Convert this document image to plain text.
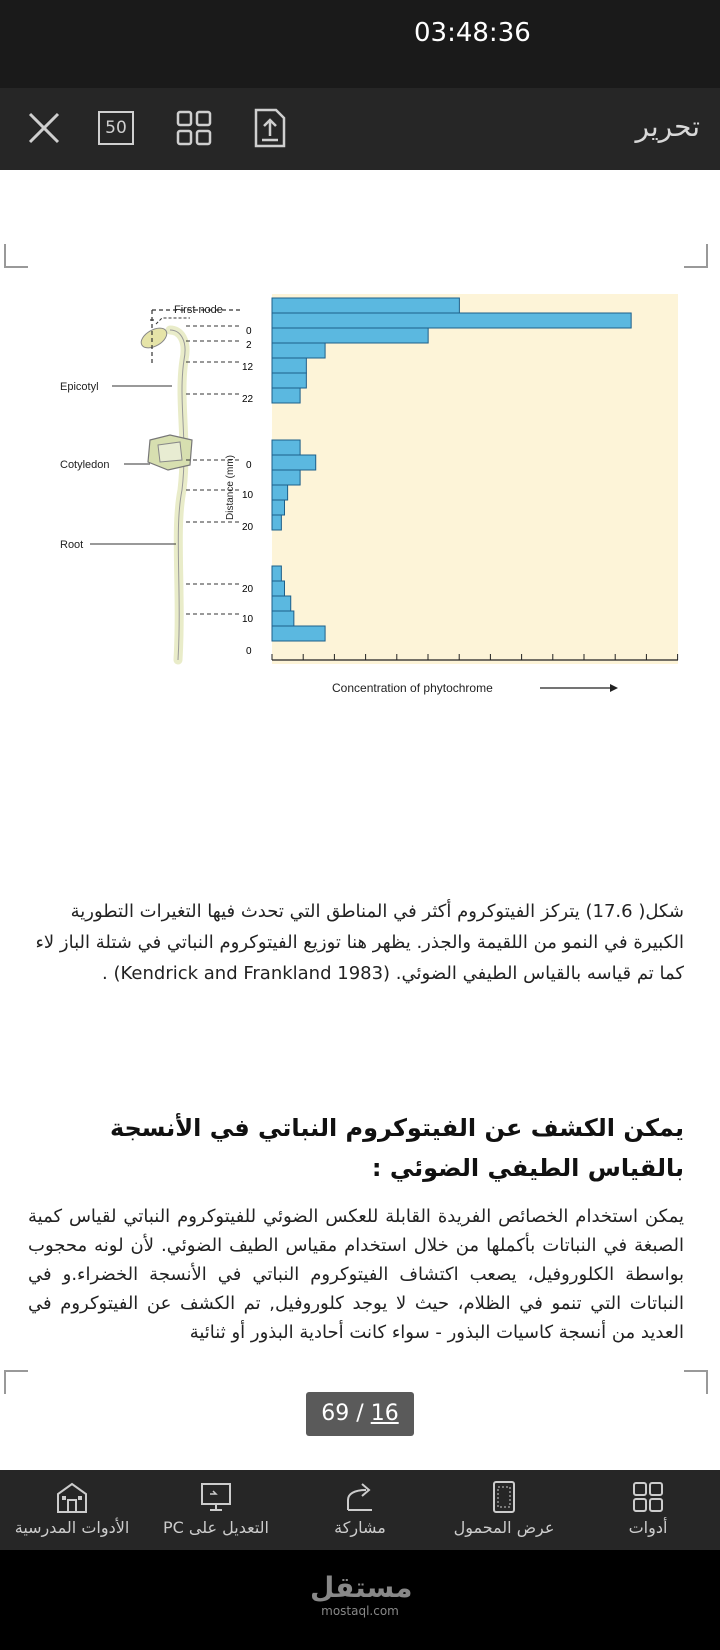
03:48:36
50	تحرير
Epicotyl
Cotyledon
Root
First node
Distance (mm)
0
2
12
22
0
10
20
20
10
0
Concentration of phytochrome
شكل( 17.6) يتركز الفيتوكروم أكثر في المناطق التي تحدث فيها التغيرات التطورية الكبيرة في النمو من اللقيمة والجذر. يظهر هنا توزيع الفيتوكروم النباتي في شتلة الباز لاء كما تم قياسه بالقياس الطيفي الضوئي. (Kendrick and Frankland 1983) .
يمكن الكشف عن الفيتوكروم النباتي في الأنسجة بالقياس الطيفي الضوئي :
يمكن استخدام الخصائص الفريدة القابلة للعكس الضوئي للفيتوكروم النباتي لقياس كمية الصبغة في النباتات بأكملها من خلال استخدام مقياس الطيف الضوئي. لأن لونه محجوب بواسطة الكلوروفيل، يصعب اكتشاف الفيتوكروم النباتي في الأنسجة الخضراء.و في النباتات التي تنمو في الظلام، حيث لا يوجد كلوروفيل, تم الكشف عن الفيتوكروم في العديد من أنسجة كاسيات البذور - سواء كانت أحادية البذور أو ثنائية
69 / 16
الأدوات المدرسية	التعديل على PC	مشاركة	عرض المحمول	أدوات
مستقل
mostaql.com
